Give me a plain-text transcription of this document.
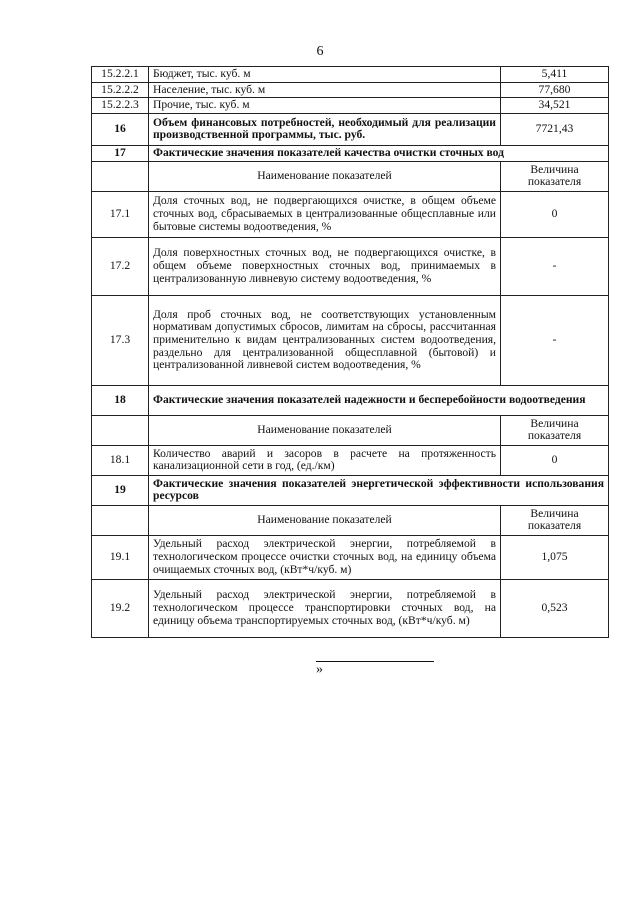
6
15.2.2.1	Бюджет, тыс. куб. м	5,411
15.2.2.2	Население, тыс. куб. м	77,680
15.2.2.3	Прочие, тыс. куб. м	34,521
16	Объем финансовых потребностей, необходимый для реализации производственной программы, тыс. руб.	7721,43
17	Фактические значения показателей качества очистки сточных вод	
	Наименование показателей	Величина показателя
17.1	Доля сточных вод, не подвергающихся очистке, в общем объеме сточных вод, сбрасываемых в централизованные общесплавные или бытовые системы водоотведения, %	0
17.2	Доля поверхностных сточных вод, не подвергающихся очистке, в общем объеме поверхностных сточных вод, принимаемых в централизованную ливневую систему водоотведения, %	-
17.3	Доля проб сточных вод, не соответствующих установленным нормативам допустимых сбросов, лимитам на сбросы, рассчитанная применительно к видам централизованных систем водоотведения, раздельно для централизованной общесплавной (бытовой) и централизованной ливневой систем водоотведения, %	-
18	Фактические значения показателей надежности и бесперебойности водоотведения	
	Наименование показателей	Величина показателя
18.1	Количество аварий и засоров в расчете на протяженность канализационной сети в год, (ед./км)	0
19	Фактические значения показателей энергетической эффективности использования ресурсов	
	Наименование показателей	Величина показателя
19.1	Удельный расход электрической энергии, потребляемой в технологическом процессе очистки сточных вод, на единицу объема очищаемых сточных вод, (кВт*ч/куб. м)	1,075
19.2	Удельный расход электрической энергии, потребляемой в технологическом процессе транспортировки сточных вод, на единицу объема транспортируемых сточных вод, (кВт*ч/куб. м)	0,523
»
